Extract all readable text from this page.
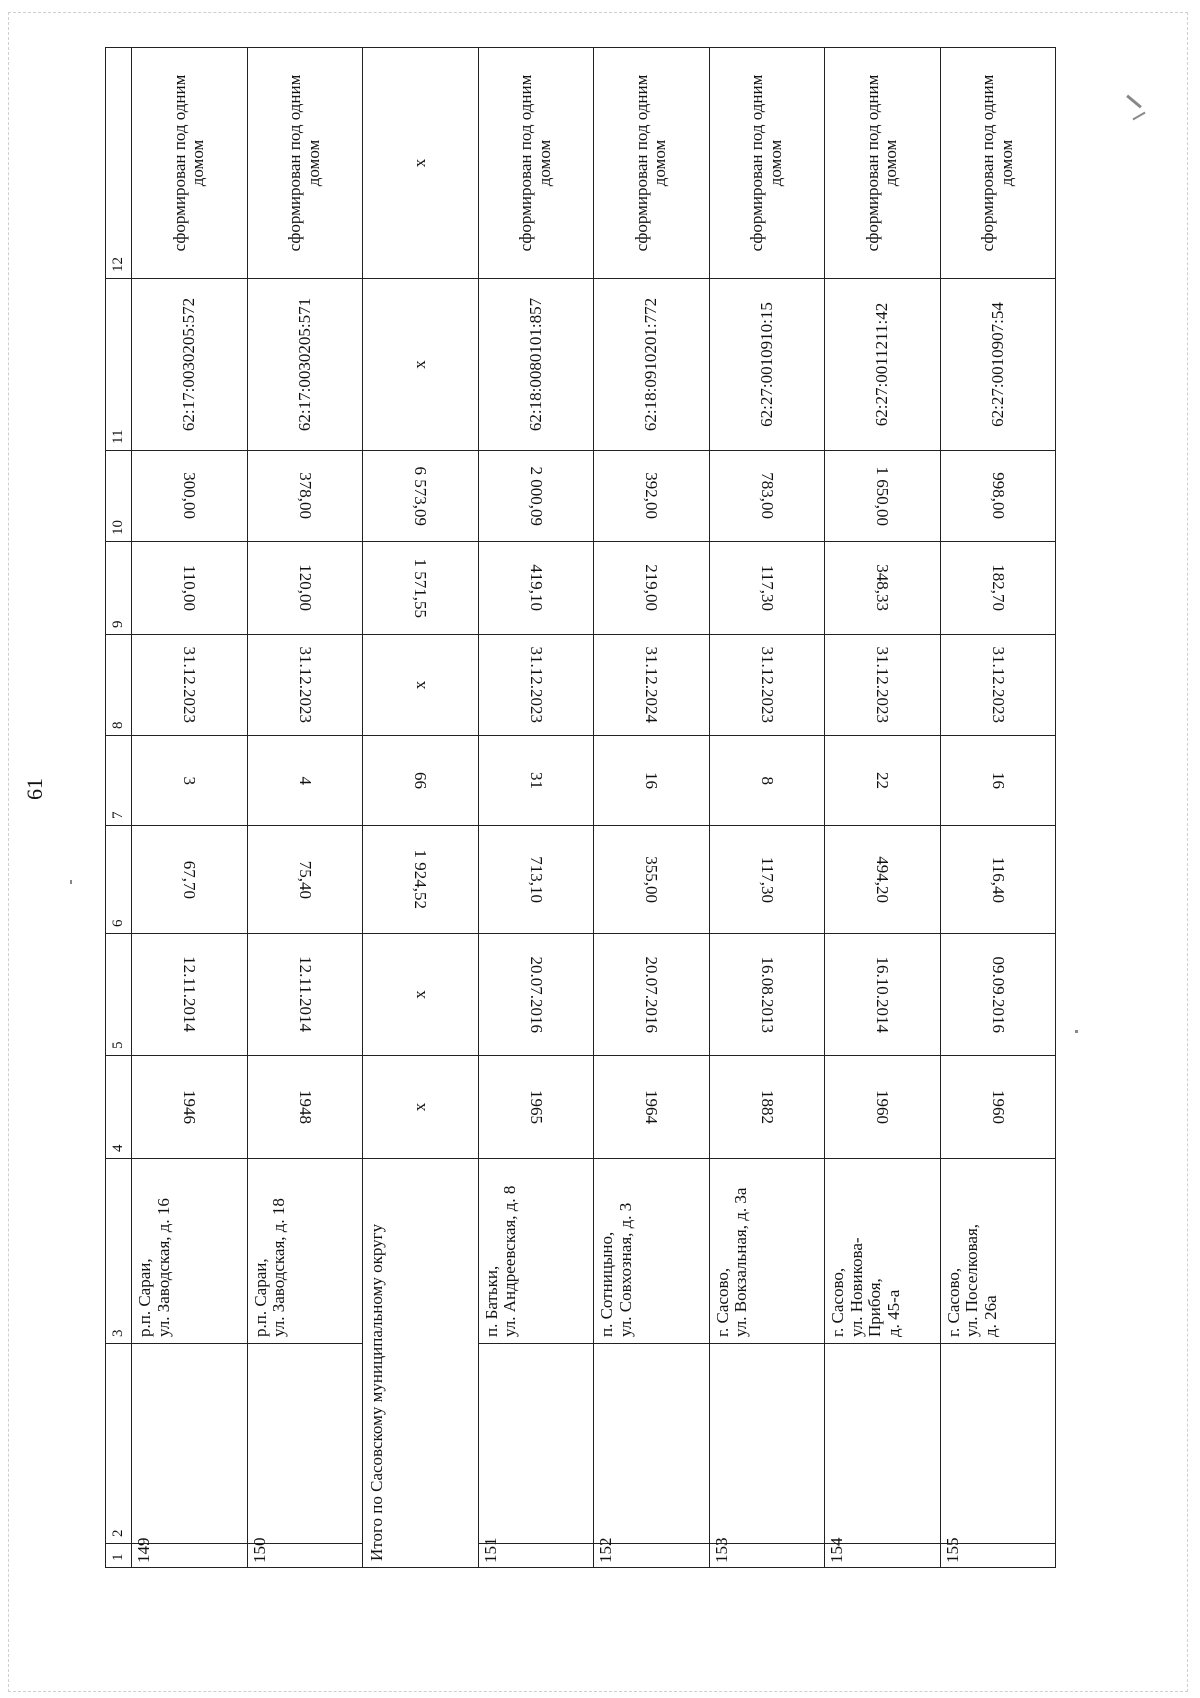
61
1	2	3	4	5	6	7	8	9	10	11	12
149		р.п. Сараи,
ул. Заводская, д. 16	1946	12.11.2014	67,70	3	31.12.2023	110,00	300,00	62:17:0030205:572	сформирован под одним домом
150		р.п. Сараи,
ул. Заводская, д. 18	1948	12.11.2014	75,40	4	31.12.2023	120,00	378,00	62:17:0030205:571	сформирован под одним домом
Итого по Сасовскому муниципальному округу			х	х	1 924,52	66	х	1 571,55	6 573,09	х	х
151		п. Батьки,
ул. Андреевская, д. 8	1965	20.07.2016	713,10	31	31.12.2023	419,10	2 000,09	62:18:0080101:857	сформирован под одним домом
152		п. Сотницыно,
ул. Совхозная, д. 3	1964	20.07.2016	355,00	16	31.12.2024	219,00	392,00	62:18:0910201:772	сформирован под одним домом
153		г. Сасово,
ул. Вокзальная, д. 3а	1882	16.08.2013	117,30	8	31.12.2023	117,30	783,00	62:27:0010910:15	сформирован под одним домом
154		г. Сасово,
ул. Новикова-
Прибоя,
д. 45-а	1960	16.10.2014	494,20	22	31.12.2023	348,33	1 650,00	62:27:0011211:42	сформирован под одним домом
155		г. Сасово,
ул. Поселковая,
д. 26а	1960	09.09.2016	116,40	16	31.12.2023	182,70	998,00	62:27:0010907:54	сформирован под одним домом
